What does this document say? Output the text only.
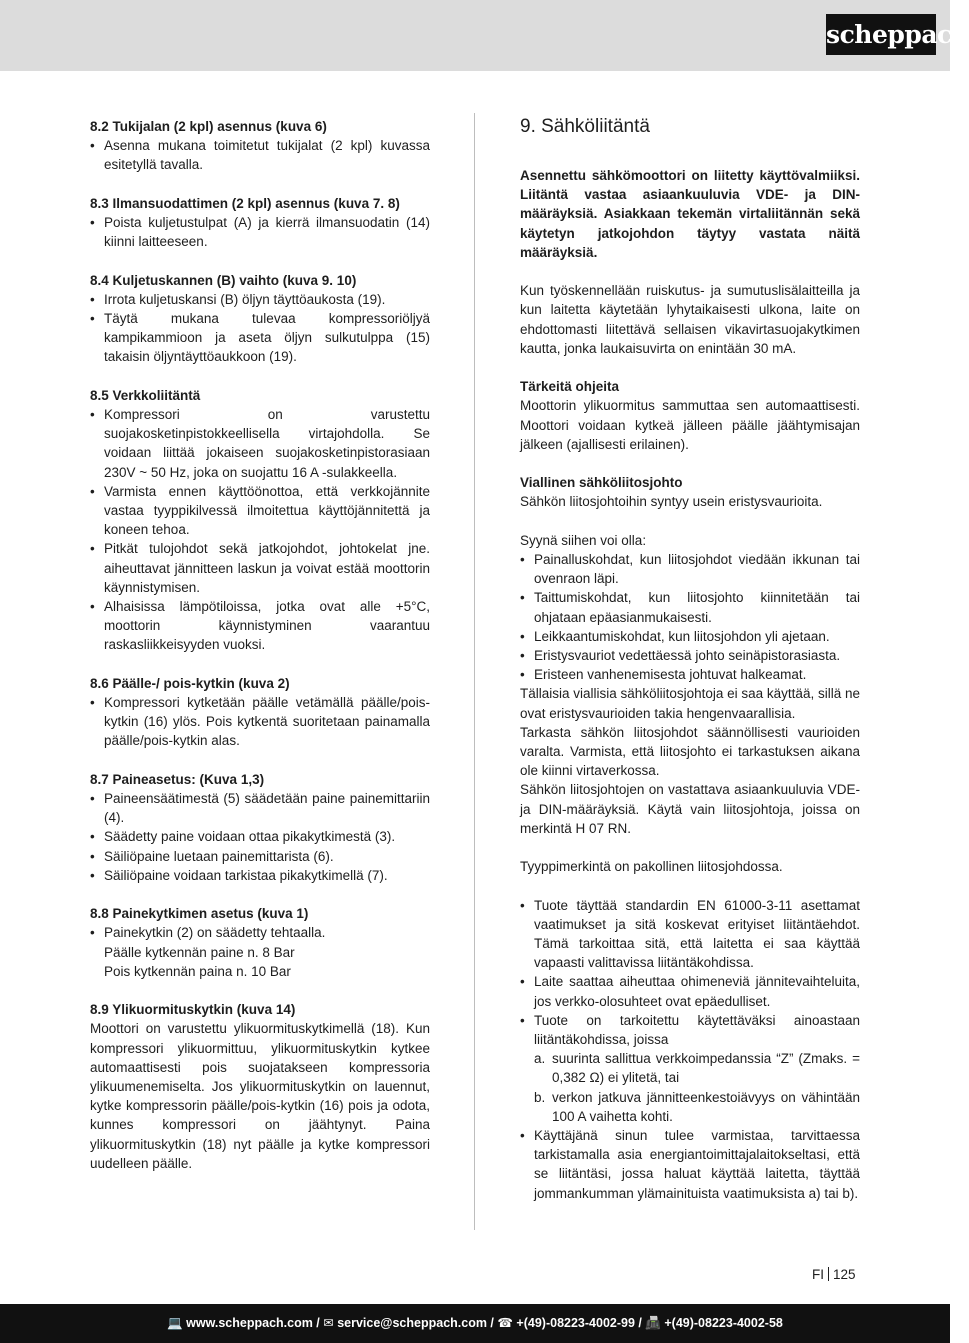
scheppach
8.2 Tukijalan (2 kpl) asennus (kuva 6)
• Asenna mukana toimitetut tukijalat (2 kpl) kuvassa esitetyllä tavalla.
8.3 Ilmansuodattimen (2 kpl) asennus (kuva 7. 8)
• Poista kuljetustulpat (A) ja kierrä ilmansuodatin (14) kiinni laitteeseen.
8.4 Kuljetuskannen (B) vaihto (kuva 9. 10)
• Irrota kuljetuskansi (B) öljyn täyttöaukosta (19).
• Täytä mukana tulevaa kompressoriöljyä kampikammioon ja aseta öljyn sulkutulppa (15) takaisin öljyntäyttöaukkoon (19).
8.5 Verkkoliitäntä
• Kompressori on varustettu suojakosketinpistokkeellisella virtajohdolla. Se voidaan liittää jokaiseen suojakosketinpistorasiaan 230V ~ 50 Hz, joka on suojattu 16 A -sulakkeella.
• Varmista ennen käyttöönottoa, että verkkojännite vastaa tyyppikilvessä ilmoitettua käyttöjännitettä ja koneen tehoa.
• Pitkät tulojohdot sekä jatkojohdot, johtokelat jne. aiheuttavat jännitteen laskun ja voivat estää moottorin käynnistymisen.
• Alhaisissa lämpötiloissa, jotka ovat alle +5°C, moottorin käynnistyminen vaarantuu raskasliikkeisyyden vuoksi.
8.6 Päälle-/ pois-kytkin (kuva 2)
• Kompressori kytketään päälle vetämällä päälle/pois-kytkin (16) ylös. Pois kytkentä suoritetaan painamalla päälle/pois-kytkin alas.
8.7 Paineasetus: (Kuva 1,3)
• Paineensäätimestä (5) säädetään paine painemittariin (4).
• Säädetty paine voidaan ottaa pikakytkimestä (3).
• Säiliöpaine luetaan painemittarista (6).
• Säiliöpaine voidaan tarkistaa pikakytkimellä (7).
8.8 Painekytkimen asetus (kuva 1)
• Painekytkin (2) on säädetty tehtaalla.
Päälle kytkennän paine n. 8 Bar
Pois kytkennän paina n. 10 Bar
8.9 Ylikuormituskytkin (kuva 14)
Moottori on varustettu ylikuormituskytkimellä (18). Kun kompressori ylikuormittuu, ylikuormituskytkin kytkee automaattisesti pois suojatakseen kompressoria ylikuumenemiselta. Jos ylikuormituskytkin on lauennut, kytke kompressorin päälle/pois-kytkin (16) pois ja odota, kunnes kompressori on jäähtynyt. Paina ylikuormituskytkin (18) nyt päälle ja kytke kompressori uudelleen päälle.
9. Sähköliitäntä
Asennettu sähkömoottori on liitetty käyttövalmiiksi. Liitäntä vastaa asiaankuuluvia VDE- ja DIN-määräyksiä. Asiakkaan tekemän virtaliitännän sekä käytetyn jatkojohdon täytyy vastata näitä määräyksiä.
Kun työskennellään ruiskutus- ja sumutuslisälaitteilla ja kun laitetta käytetään lyhytaikaisesti ulkona, laite on ehdottomasti liitettävä sellaisen vikavirtasuojakytkimen kautta, jonka laukaisuvirta on enintään 30 mA.
Tärkeitä ohjeita
Moottorin ylikuormitus sammuttaa sen automaattisesti. Moottori voidaan kytkeä jälleen päälle jäähtymisajan jälkeen (ajallisesti erilainen).
Viallinen sähköliitosjohto
Sähkön liitosjohtoihin syntyy usein eristysvaurioita.
Syynä siihen voi olla:
• Painalluskohdat, kun liitosjohdot viedään ikkunan tai ovenraon läpi.
• Taittumiskohdat, kun liitosjohto kiinnitetään tai ohjataan epäasianmukaisesti.
• Leikkaantumiskohdat, kun liitosjohdon yli ajetaan.
• Eristysvauriot vedettäessä johto seinäpistorasiasta.
• Eristeen vanhenemisesta johtuvat halkeamat.
Tällaisia viallisia sähköliitosjohtoja ei saa käyttää, sillä ne ovat eristysvaurioiden takia hengenvaarallisia.
Tarkasta sähkön liitosjohdot säännöllisesti vaurioiden varalta. Varmista, että liitosjohto ei tarkastuksen aikana ole kiinni virtaverkossa.
Sähkön liitosjohtojen on vastattava asiaankuuluvia VDE- ja DIN-määräyksiä. Käytä vain liitosjohtoja, joissa on merkintä H 07 RN.
Tyyppimerkintä on pakollinen liitosjohdossa.
• Tuote täyttää standardin EN 61000-3-11 asettamat vaatimukset ja sitä koskevat erityiset liitäntäehdot. Tämä tarkoittaa sitä, että laitetta ei saa käyttää vapaasti valittavissa liitäntäkohdissa.
• Laite saattaa aiheuttaa ohimeneviä jännitevaihteluita, jos verkko-olosuhteet ovat epäedulliset.
• Tuote on tarkoitettu käytettäväksi ainoastaan liitäntäkohdissa, joissa
a. suurinta sallittua verkkoimpedanssia “Z” (Zmaks. = 0,382 Ω) ei ylitetä, tai
b. verkon jatkuva jännitteenkestoiävyys on vähintään 100 A vaihetta kohti.
• Käyttäjänä sinun tulee varmistaa, tarvittaessa tarkistamalla asia energiantoimittajalaitokseltasi, että se liitäntäsi, jossa haluat käyttää laitetta, täyttää jommankumman ylämainituista vaatimuksista a) tai b).
FI 125
💻 www.scheppach.com / ✉ service@scheppach.com / ☎ +(49)-08223-4002-99 / 📠 +(49)-08223-4002-58
